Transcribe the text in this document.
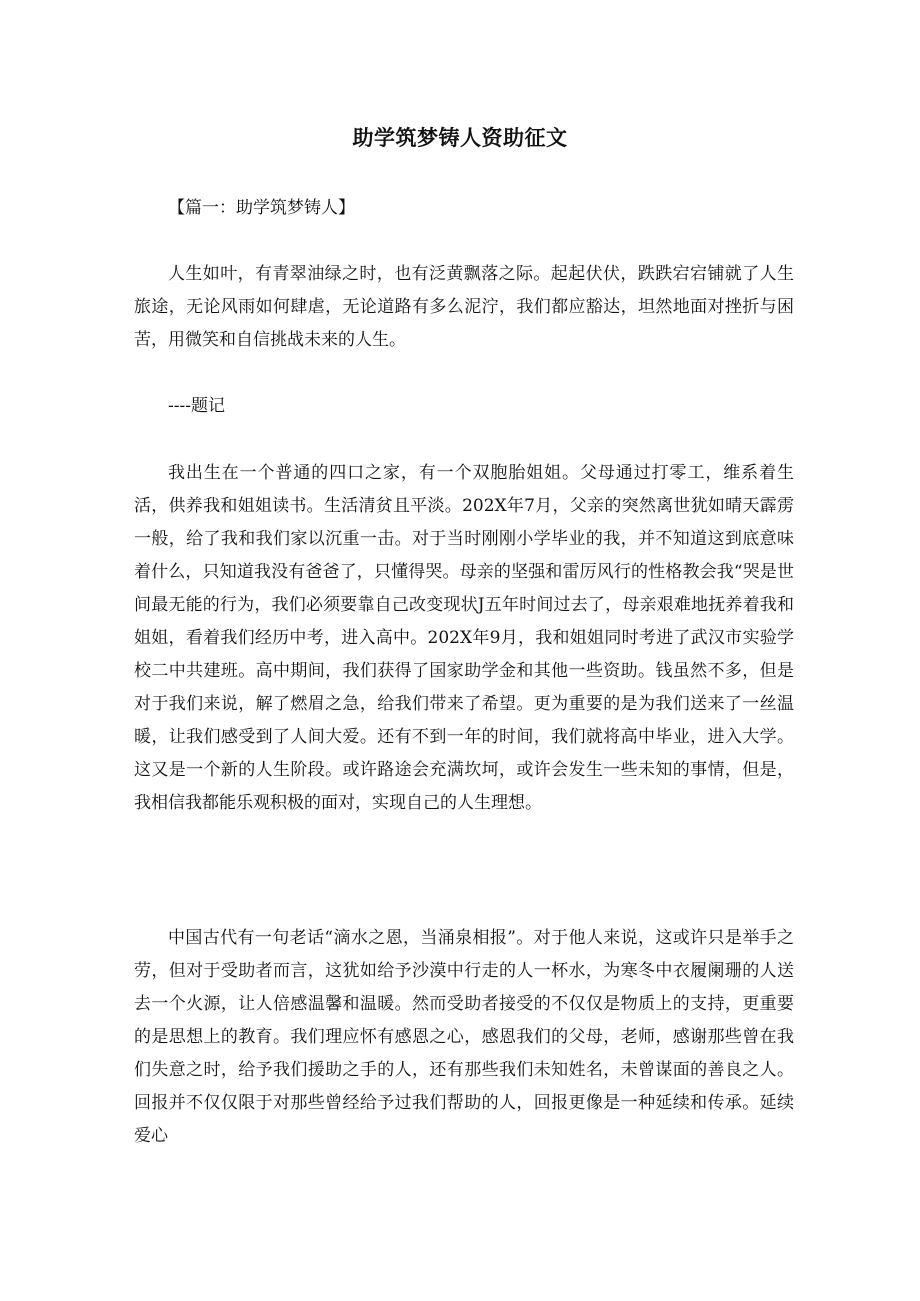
助学筑梦铸人资助征文

【篇一：助学筑梦铸人】

人生如叶，有青翠油绿之时，也有泛黄飘落之际。起起伏伏，跌跌宕宕铺就了人生旅途，无论风雨如何肆虐，无论道路有多么泥泞，我们都应豁达，坦然地面对挫折与困苦，用微笑和自信挑战未来的人生。

----题记

我出生在一个普通的四口之家，有一个双胞胎姐姐。父母通过打零工，维系着生活，供养我和姐姐读书。生活清贫且平淡。202X年7月，父亲的突然离世犹如晴天霹雳一般，给了我和我们家以沉重一击。对于当时刚刚小学毕业的我，并不知道这到底意味着什么，只知道我没有爸爸了，只懂得哭。母亲的坚强和雷厉风行的性格教会我“哭是世间最无能的行为，我们必须要靠自己改变现状J五年时间过去了，母亲艰难地抚养着我和姐姐，看着我们经历中考，进入高中。202X年9月，我和姐姐同时考进了武汉市实验学校二中共建班。高中期间，我们获得了国家助学金和其他一些资助。钱虽然不多，但是对于我们来说，解了燃眉之急，给我们带来了希望。更为重要的是为我们送来了一丝温暖，让我们感受到了人间大爱。还有不到一年的时间，我们就将高中毕业，进入大学。这又是一个新的人生阶段。或许路途会充满坎坷，或许会发生一些未知的事情，但是，我相信我都能乐观积极的面对，实现自己的人生理想。

中国古代有一句老话“滴水之恩，当涌泉相报”。对于他人来说，这或许只是举手之劳，但对于受助者而言，这犹如给予沙漠中行走的人一杯水，为寒冬中衣履阑珊的人送去一个火源，让人倍感温馨和温暖。然而受助者接受的不仅仅是物质上的支持，更重要的是思想上的教育。我们理应怀有感恩之心，感恩我们的父母，老师，感谢那些曾在我们失意之时，给予我们援助之手的人，还有那些我们未知姓名，未曾谋面的善良之人。回报并不仅仅限于对那些曾经给予过我们帮助的人，回报更像是一种延续和传承。延续爱心
